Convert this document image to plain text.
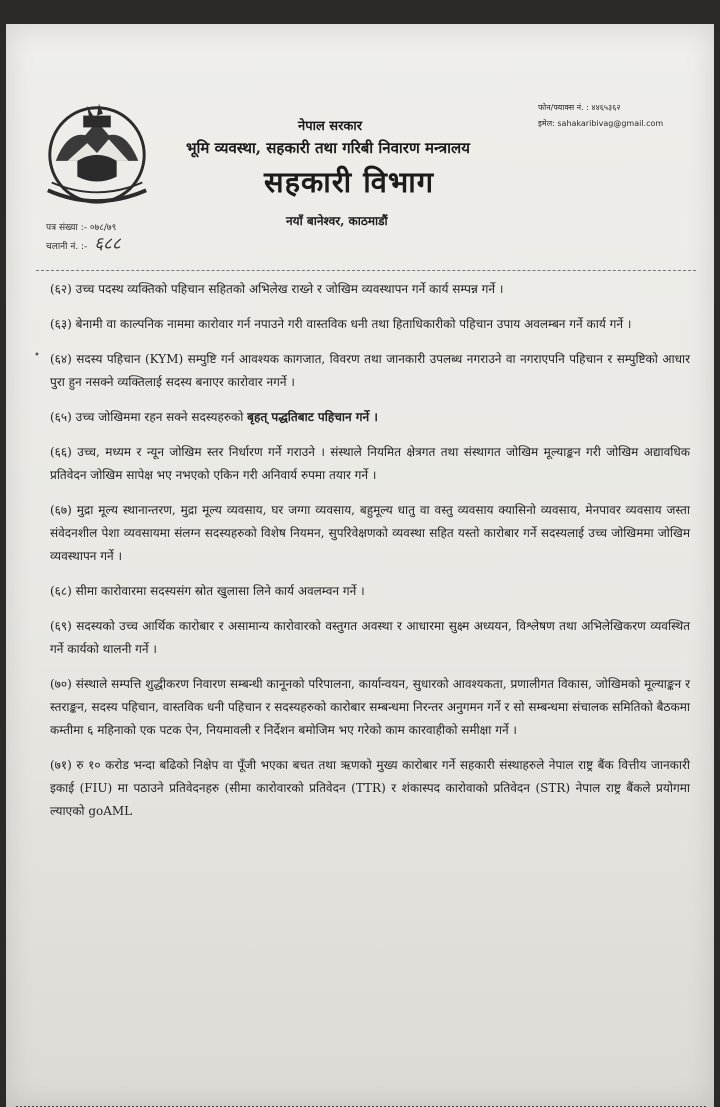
नेपाल सरकार
भूमि व्यवस्था, सहकारी तथा गरिबी निवारण मन्त्रालय
सहकारी विभाग
नयाँ बानेश्वर, काठमाडौं
फोन/फ्याक्स नं. : ४४६५३६२
इमेल: sahakaribivag@gmail.com
पत्र संख्या :- ०७८/७९
चलानी नं. :- ६८८
•

(६२) उच्च पदस्थ व्यक्तिको पहिचान सहितको अभिलेख राख्ने र जोखिम व्यवस्थापन गर्ने कार्य सम्पन्न गर्ने ।

(६३) बेनामी वा काल्पनिक नाममा कारोवार गर्न नपाउने गरी वास्तविक धनी तथा हिताधिकारीको पहिचान उपाय अवलम्बन गर्ने कार्य गर्ने ।

(६४) सदस्य पहिचान (KYM) सम्पुष्टि गर्न आवश्यक कागजात, विवरण तथा जानकारी उपलब्ध नगराउने वा नगराएपनि पहिचान र सम्पुष्टिको आधार पुरा हुन नसक्ने व्यक्तिलाई सदस्य बनाएर कारोवार नगर्ने ।

(६५) उच्च जोखिममा रहन सक्ने सदस्यहरुको बृहत् पद्धतिबाट पहिचान गर्ने ।

(६६) उच्च, मध्यम र न्यून जोखिम स्तर निर्धारण गर्ने गराउने । संस्थाले नियमित क्षेत्रगत तथा संस्थागत जोखिम मूल्याङ्कन गरी जोखिम अद्यावधिक प्रतिवेदन जोखिम सापेक्ष भए नभएको एकिन गरी अनिवार्य रुपमा तयार गर्ने ।

(६७) मुद्रा मूल्य स्थानान्तरण, मुद्रा मूल्य व्यवसाय, घर जग्गा व्यवसाय, बहुमूल्य धातु वा वस्तु व्यवसाय क्यासिनो व्यवसाय, मेनपावर व्यवसाय जस्ता संवेदनशील पेशा व्यवसायमा संलग्न सदस्यहरुको विशेष नियमन, सुपरिवेक्षणको व्यवस्था सहित यस्तो कारोबार गर्ने सदस्यलाई उच्च जोखिममा जोखिम व्यवस्थापन गर्ने ।

(६८) सीमा कारोवारमा सदस्यसंग स्रोत खुलासा लिने कार्य अवलम्वन गर्ने ।

(६९) सदस्यको उच्च आर्थिक कारोबार र असामान्य कारोवारको वस्तुगत अवस्था र आधारमा सुक्ष्म अध्ययन, विश्लेषण तथा अभिलेखिकरण व्यवस्थित गर्ने कार्यको थालनी गर्ने ।

(७०) संस्थाले सम्पत्ति शुद्धीकरण निवारण सम्बन्धी कानूनको परिपालना, कार्यान्वयन, सुधारको आवश्यकता, प्रणालीगत विकास, जोखिमको मूल्याङ्कन र स्तराङ्कन, सदस्य पहिचान, वास्तविक धनी पहिचान र सदस्यहरुको कारोबार सम्बन्धमा निरन्तर अनुगमन गर्ने र सो सम्बन्धमा संचालक समितिको बैठकमा कम्तीमा ६ महिनाको एक पटक ऐन, नियमावली र निर्देशन बमोजिम भए गरेको काम कारवाहीको समीक्षा गर्ने ।

(७१) रु १० करोड भन्दा बढिको निक्षेप वा पूँजी भएका बचत तथा ऋणको मुख्य कारोबार गर्ने सहकारी संस्थाहरुले नेपाल राष्ट्र बैंक वित्तीय जानकारी इकाई (FIU) मा पठाउने प्रतिवेदनहरु (सीमा कारोवारको प्रतिवेदन (TTR) र शंकास्पद कारोवाको प्रतिवेदन (STR) नेपाल राष्ट्र बैंकले प्रयोगमा ल्याएको goAML
